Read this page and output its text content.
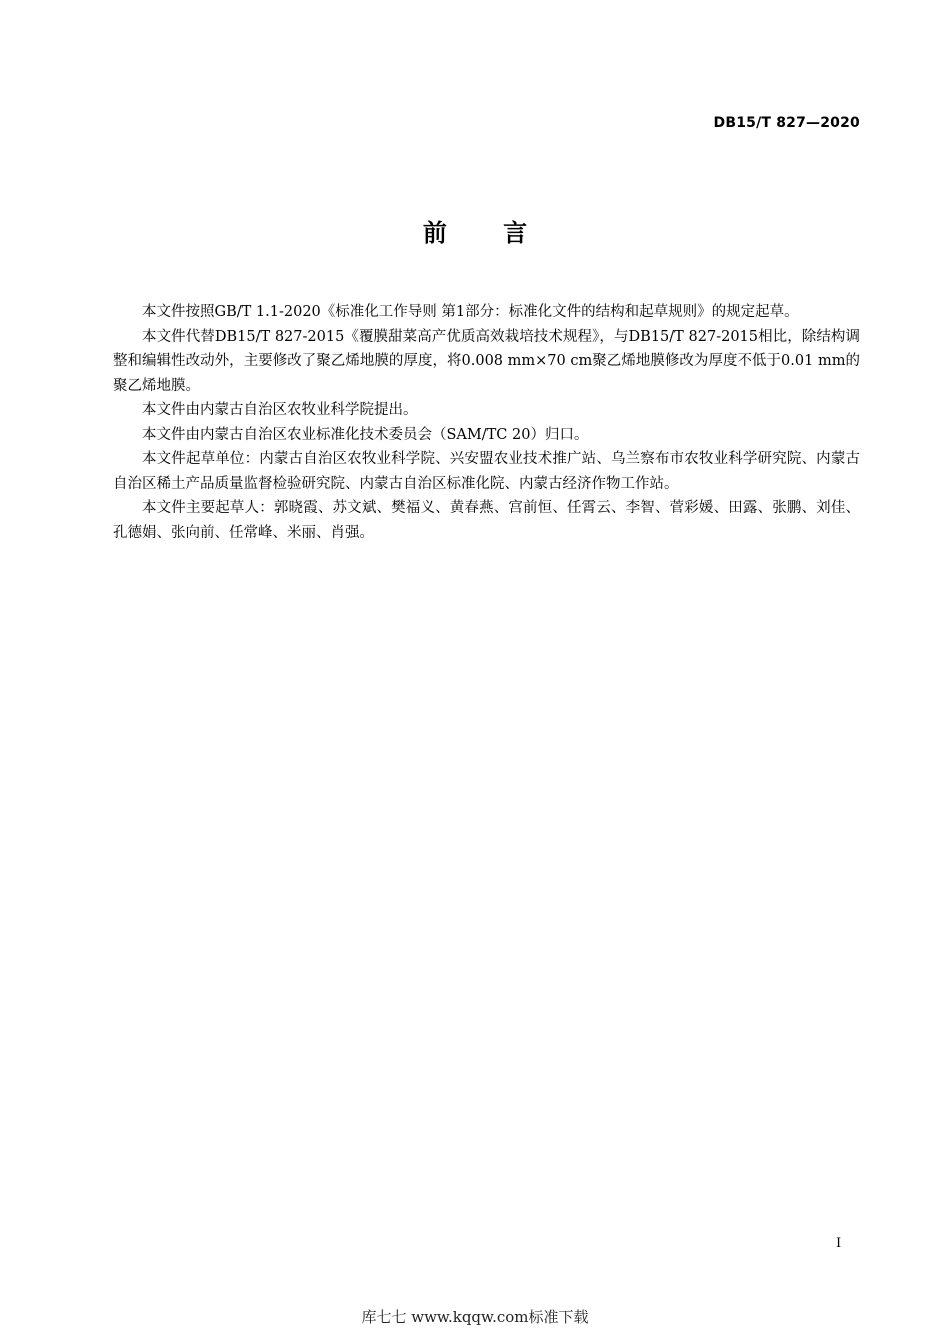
DB15/T 827—2020
前 言

本文件按照GB/T 1.1-2020《标准化工作导则 第1部分：标准化文件的结构和起草规则》的规定起草。

本文件代替DB15/T 827-2015《覆膜甜菜高产优质高效栽培技术规程》，与DB15/T 827-2015相比，除结构调整和编辑性改动外，主要修改了聚乙烯地膜的厚度，将0.008 mm×70 cm聚乙烯地膜修改为厚度不低于0.01 mm的聚乙烯地膜。

本文件由内蒙古自治区农牧业科学院提出。

本文件由内蒙古自治区农业标准化技术委员会（SAM/TC 20）归口。

本文件起草单位：内蒙古自治区农牧业科学院、兴安盟农业技术推广站、乌兰察布市农牧业科学研究院、内蒙古自治区稀土产品质量监督检验研究院、内蒙古自治区标准化院、内蒙古经济作物工作站。

本文件主要起草人：郭晓霞、苏文斌、樊福义、黄春燕、宫前恒、任霄云、李智、菅彩媛、田露、张鹏、刘佳、孔德娟、张向前、任常峰、米丽、肖强。

I
库七七 www.kqqw.com标准下载
